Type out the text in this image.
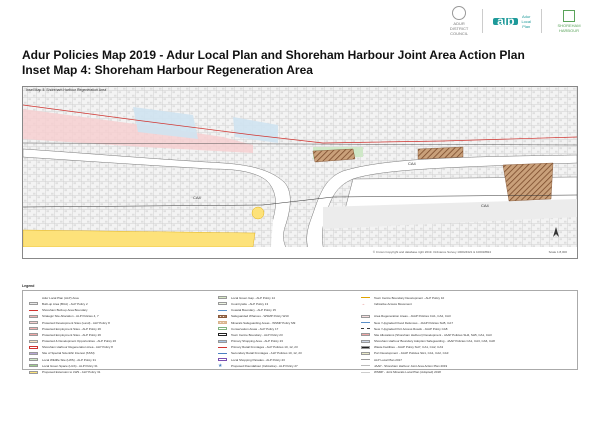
ADUR DISTRICT
COUNCIL
alp	Adur
Local
Plan	SHOREHAM
HARBOUR
Adur Policies Map 2019 - Adur Local Plan and Shoreham Harbour Joint Area Action Plan
Inset Map 4: Shoreham Harbour Regeneration Area
CA4
CA4
CA4
Inset Map 4: Shoreham Harbour Regeneration Area
© Crown Copyright and database right 2019. Ordnance Survey 100024321 & 100018824	Scale 1:8,000
Legend
Adur Local Plan (ALP) Area
Built-up Area (BUA) - ALP Policy 2
Shoreham Built-up Area Boundary
Strategic Site Allocation - ALP Policies 4, 7
Protected Development Sites (Land) - ALP Policy 8
Protected Employment Sites - ALP Policy 26
Protected Employment Sites - ALP Policy 26
Protected & Development Opportunities - ALP Policy 26
Shoreham Harbour Regeneration Area - ALP Policy 8
Site of Special Scientific Interest (SSSI)
Local Wildlife Site (LWS) - ALP Policy 31
Local Green Space (LGS) - ALP Policy 31
Proposed Extension to LWS - ALP Policy 31
Local Green Gap - ALP Policy 14
Countryside - ALP Policy 13
Coastal Boundary - ALP Policy 15
Safeguarded Wharves - WSMP Policy W10
Minerals Safeguarding Areas - WSMP Policy M9
Conservation Areas - ALP Policy 17
Town Centre Boundary - ALP Policy 23
Primary Shopping Area - ALP Policy 23
Primary Retail Frontages - ALP Policies 10, 12, 23
Secondary Retail Frontages - ALP Policies 10, 12, 23
Local Shopping Parades - ALP Policy 23
★	Proposed Roundabout (Indicative) - ALP Policy 27
Town Centre Boundary Development - ALP Policy 10
→	Indicative Access Movement
Area Regeneration Areas - JAAP Policies CA1, CA2, CA3
New / Upgraded Flood Defences - JAAP Policies SH5, CA7
New / Upgraded Port Access Roads - JAAP Policy CA8
Site Allocations (Shoreham Harbour) Development - JAAP Policies SH4, SH5, CA1, CA3
Shoreham Harbour Boundary Adoption Safeguarding - JAAP Policies CA1, CA3, CA6, CA8
Waste Facilities - JAAP Policy SH7, CA1, CA2, CA3
Port Development - JAAP Policies SH1, CA1, CA2, CA3
ALP Local Plan 2017
JAAP - Shoreham Harbour Joint Area Action Plan 2019
WSMP - Joint Minerals Local Plan (Adopted) 2018
